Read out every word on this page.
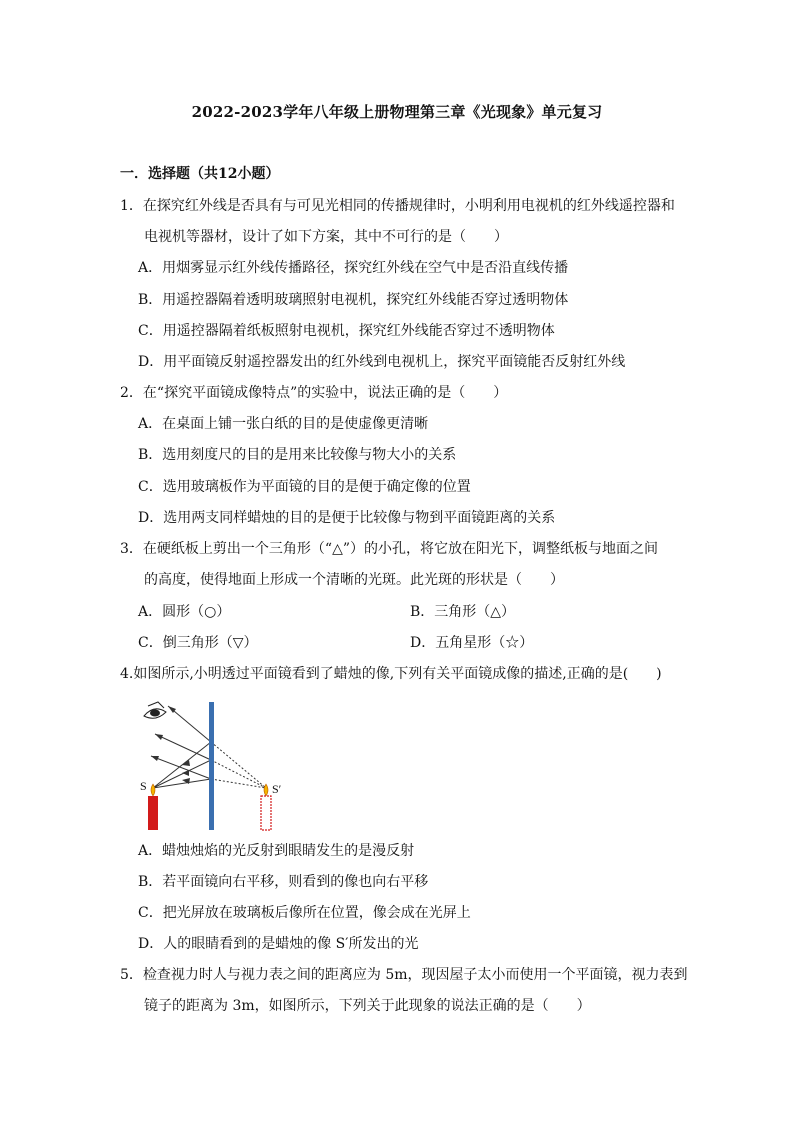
2022-2023学年八年级上册物理第三章《光现象》单元复习
一．选择题（共12小题）
1．在探究红外线是否具有与可见光相同的传播规律时，小明利用电视机的红外线遥控器和
电视机等器材，设计了如下方案，其中不可行的是（　　）
A．用烟雾显示红外线传播路径，探究红外线在空气中是否沿直线传播
B．用遥控器隔着透明玻璃照射电视机，探究红外线能否穿过透明物体
C．用遥控器隔着纸板照射电视机，探究红外线能否穿过不透明物体
D．用平面镜反射遥控器发出的红外线到电视机上，探究平面镜能否反射红外线
2．在“探究平面镜成像特点”的实验中，说法正确的是（　　）
A．在桌面上铺一张白纸的目的是使虚像更清晰
B．选用刻度尺的目的是用来比较像与物大小的关系
C．选用玻璃板作为平面镜的目的是便于确定像的位置
D．选用两支同样蜡烛的目的是便于比较像与物到平面镜距离的关系
3．在硬纸板上剪出一个三角形（“△”）的小孔，将它放在阳光下，调整纸板与地面之间
的高度，使得地面上形成一个清晰的光斑。此光斑的形状是（　　）
A．圆形（○）	B．三角形（△）
C．倒三角形（▽）	D．五角星形（☆）
4.如图所示,小明透过平面镜看到了蜡烛的像,下列有关平面镜成像的描述,正确的是(　　)
S	S′
A．蜡烛烛焰的光反射到眼睛发生的是漫反射
B．若平面镜向右平移，则看到的像也向右平移
C．把光屏放在玻璃板后像所在位置，像会成在光屏上
D．人的眼睛看到的是蜡烛的像 S′所发出的光
5．检查视力时人与视力表之间的距离应为 5m，现因屋子太小而使用一个平面镜，视力表到
镜子的距离为 3m，如图所示，下列关于此现象的说法正确的是（　　）
